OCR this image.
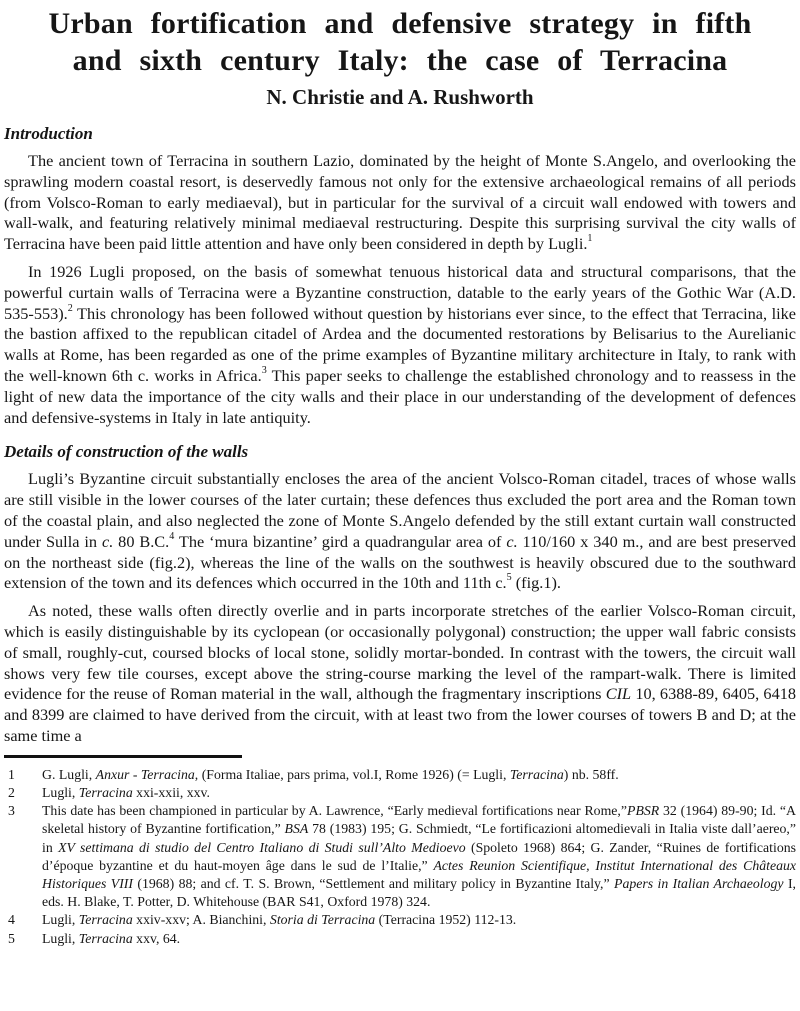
Urban fortification and defensive strategy in fifth
and sixth century Italy: the case of Terracina
N. Christie and A. Rushworth
Introduction

The ancient town of Terracina in southern Lazio, dominated by the height of Monte S.Angelo, and overlooking the sprawling modern coastal resort, is deservedly famous not only for the extensive archaeological remains of all periods (from Volsco-Roman to early mediaeval), but in particular for the survival of a circuit wall endowed with towers and wall-walk, and featuring relatively minimal mediaeval restructuring. Despite this surprising survival the city walls of Terracina have been paid little attention and have only been considered in depth by Lugli.$^1$

In 1926 Lugli proposed, on the basis of somewhat tenuous historical data and structural comparisons, that the powerful curtain walls of Terracina were a Byzantine construction, datable to the early years of the Gothic War (A.D. 535-553).$^2$ This chronology has been followed without question by historians ever since, to the effect that Terracina, like the bastion affixed to the republican citadel of Ardea and the documented restorations by Belisarius to the Aurelianic walls at Rome, has been regarded as one of the prime examples of Byzantine military architecture in Italy, to rank with the well-known 6th c. works in Africa.$^3$ This paper seeks to challenge the established chronology and to reassess in the light of new data the importance of the city walls and their place in our understanding of the development of defences and defensive-systems in Italy in late antiquity.

Details of construction of the walls

Lugli’s Byzantine circuit substantially encloses the area of the ancient Volsco-Roman citadel, traces of whose walls are still visible in the lower courses of the later curtain; these defences thus excluded the port area and the Roman town of the coastal plain, and also neglected the zone of Monte S.Angelo defended by the still extant curtain wall constructed under Sulla in c. 80 B.C.$^4$ The ‘mura bizantine’ gird a quadrangular area of c. 110/160 x 340 m., and are best preserved on the northeast side (fig.2), whereas the line of the walls on the southwest is heavily obscured due to the southward extension of the town and its defences which occurred in the 10th and 11th c.$^5$ (fig.1).

As noted, these walls often directly overlie and in parts incorporate stretches of the earlier Volsco-Roman circuit, which is easily distinguishable by its cyclopean (or occasionally polygonal) construction; the upper wall fabric consists of small, roughly-cut, coursed blocks of local stone, solidly mortar-bonded. In contrast with the towers, the circuit wall shows very few tile courses, except above the string-course marking the level of the rampart-walk. There is limited evidence for the reuse of Roman material in the wall, although the fragmentary inscriptions CIL 10, 6388-89, 6405, 6418 and 8399 are claimed to have derived from the circuit, with at least two from the lower courses of towers B and D; at the same time a

1	G. Lugli, Anxur - Terracina, (Forma Italiae, pars prima, vol.I, Rome 1926) (= Lugli, Terracina) nb. 58ff.
2	Lugli, Terracina xxi-xxii, xxv.
3	This date has been championed in particular by A. Lawrence, “Early medieval fortifications near Rome,”PBSR 32 (1964) 89-90; Id. “A skeletal history of Byzantine fortification,” BSA 78 (1983) 195; G. Schmiedt, “Le fortificazioni altomedievali in Italia viste dall’aereo,” in XV settimana di studio del Centro Italiano di Studi sull’Alto Medioevo (Spoleto 1968) 864; G. Zander, “Ruines de fortifications d’époque byzantine et du haut-moyen âge dans le sud de l’Italie,” Actes Reunion Scientifique, Institut International des Châteaux Historiques VIII (1968) 88; and cf. T. S. Brown, “Settlement and military policy in Byzantine Italy,” Papers in Italian Archaeology I, eds. H. Blake, T. Potter, D. Whitehouse (BAR S41, Oxford 1978) 324.
4	Lugli, Terracina xxiv-xxv; A. Bianchini, Storia di Terracina (Terracina 1952) 112-13.
5	Lugli, Terracina xxv, 64.
